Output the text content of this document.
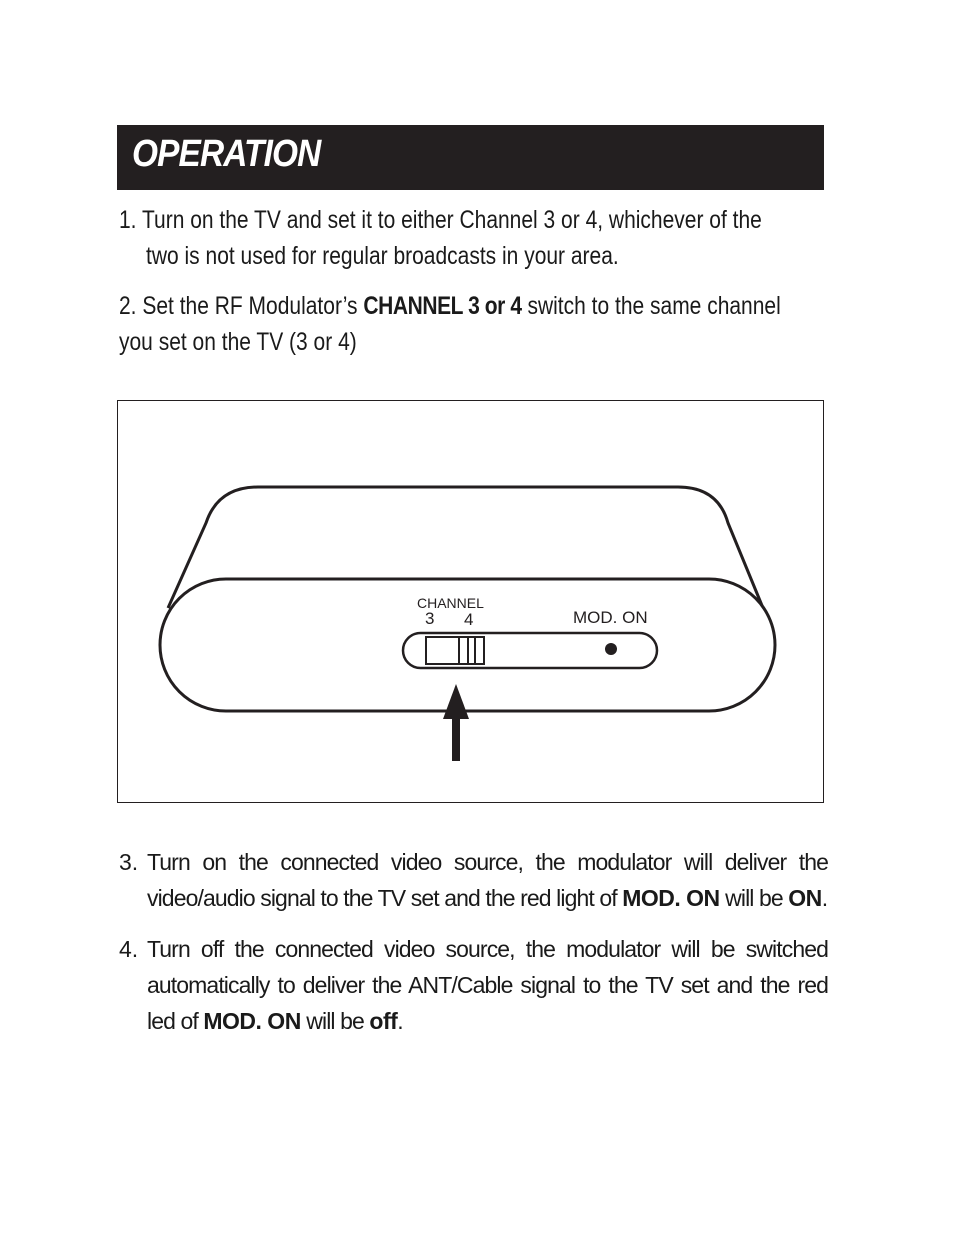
OPERATION
1. Turn on the TV and set it to either Channel 3 or 4, whichever of the
two is not used for regular broadcasts in your area.
2. Set the RF Modulator’s CHANNEL 3 or 4 switch to the same channel
you set on the TV (3 or 4)
CHANNEL
3 4	MOD. ON
3. Turn on the connected video source, the modulator will deliver the video/audio signal to the TV set and the red light of MOD. ON will be ON.
4. Turn off the connected video source, the modulator will be switched automatically to deliver the ANT/Cable signal to the TV set and the red led of MOD. ON will be off.
